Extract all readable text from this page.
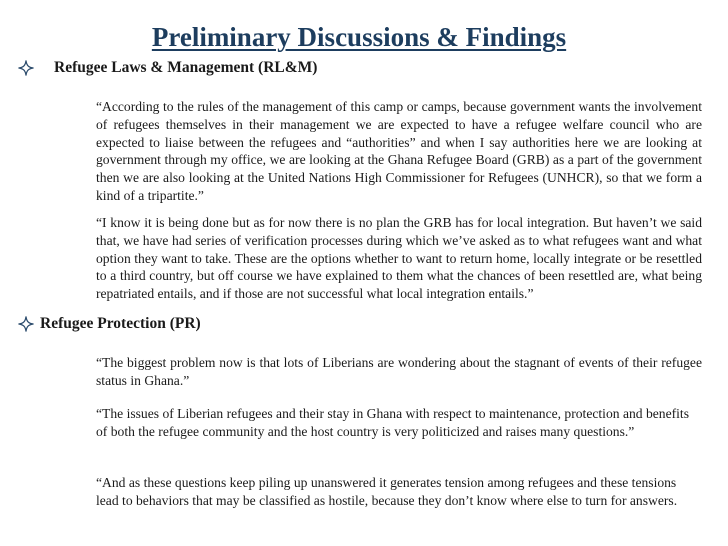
Preliminary Discussions & Findings
Refugee Laws & Management (RL&M)

“According to the rules of the management of this camp or camps, because government wants the involvement of refugees themselves in their management we are expected to have a refugee welfare council who are expected to liaise between the refugees and “authorities” and when I say authorities here we are looking at government through my office, we are looking at the Ghana Refugee Board (GRB) as a part of the government then we are also looking at the United Nations High Commissioner for Refugees (UNHCR), so that we form a kind of a tripartite.”

“I know it is being done but as for now there is no plan the GRB has for local integration. But haven’t we said that, we have had series of verification processes during which we’ve asked as to what refugees want and what option they want to take. These are the options whether to want to return home, locally integrate or be resettled to a third country, but off course we have explained to them what the chances of been resettled are, what being repatriated entails, and if those are not successful what local integration entails.”

Refugee Protection (PR)

“The biggest problem now is that lots of Liberians are wondering about the stagnant of events of their refugee status in Ghana.”

“The issues of Liberian refugees and their stay in Ghana with respect to maintenance, protection and benefits of both the refugee community and the host country is very politicized and raises many questions.”

“And as these questions keep piling up unanswered it generates tension among refugees and these tensions lead to behaviors that may be classified as hostile, because they don’t know where else to turn for answers.
